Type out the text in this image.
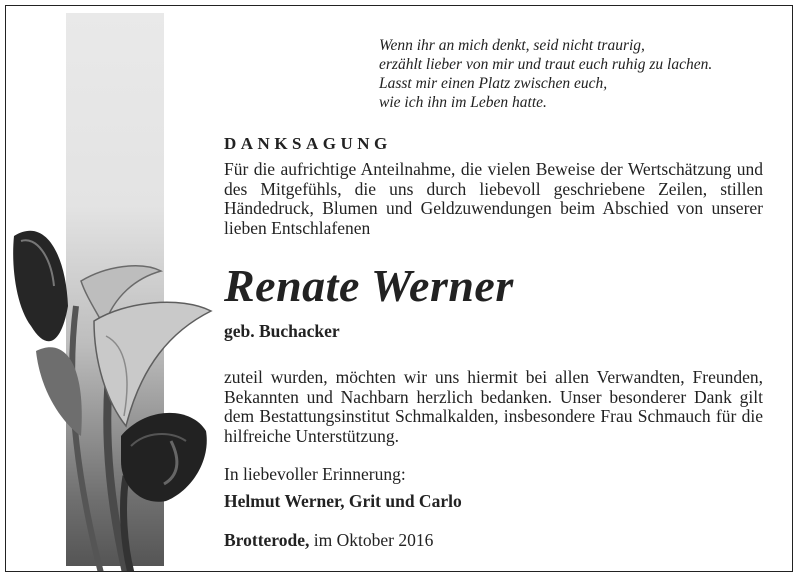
Wenn ihr an mich denkt, seid nicht traurig,
erzählt lieber von mir und traut euch ruhig zu lachen.
Lasst mir einen Platz zwischen euch,
wie ich ihn im Leben hatte.
DANKSAGUNG
Für die aufrichtige Anteilnahme, die vielen Beweise der Wertschätzung und des Mitgefühls, die uns durch liebevoll geschriebene Zeilen, stillen Händedruck, Blumen und Geldzuwendungen beim Abschied von unserer lieben Entschlafenen
Renate Werner
geb. Buchacker
zuteil wurden, möchten wir uns hiermit bei allen Verwandten, Freunden, Bekannten und Nachbarn herzlich bedanken. Unser besonderer Dank gilt dem Bestattungsinstitut Schmalkalden, insbesondere Frau Schmauch für die hilfreiche Unterstützung.
In liebevoller Erinnerung:
Helmut Werner, Grit und Carlo
Brotterode, im Oktober 2016
